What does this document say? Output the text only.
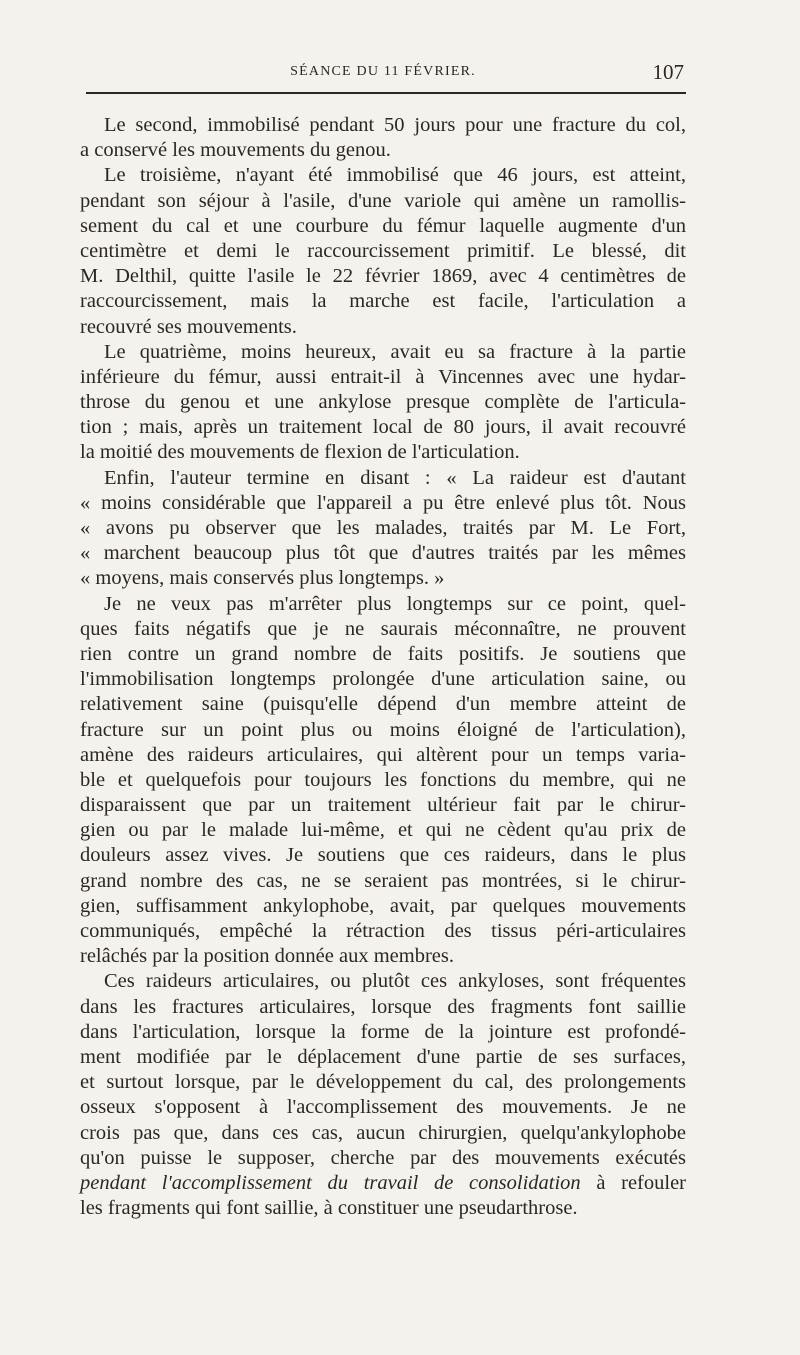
SÉANCE DU 11 FÉVRIER.	107
Le second, immobilisé pendant 50 jours pour une fracture du col,
a conservé les mouvements du genou.
Le troisième, n'ayant été immobilisé que 46 jours, est atteint,
pendant son séjour à l'asile, d'une variole qui amène un ramollis-
sement du cal et une courbure du fémur laquelle augmente d'un
centimètre et demi le raccourcissement primitif. Le blessé, dit
M. Delthil, quitte l'asile le 22 février 1869, avec 4 centimètres de
raccourcissement, mais la marche est facile, l'articulation a
recouvré ses mouvements.
Le quatrième, moins heureux, avait eu sa fracture à la partie
inférieure du fémur, aussi entrait-il à Vincennes avec une hydar-
throse du genou et une ankylose presque complète de l'articula-
tion ; mais, après un traitement local de 80 jours, il avait recouvré
la moitié des mouvements de flexion de l'articulation.
Enfin, l'auteur termine en disant : « La raideur est d'autant
« moins considérable que l'appareil a pu être enlevé plus tôt. Nous
« avons pu observer que les malades, traités par M. Le Fort,
« marchent beaucoup plus tôt que d'autres traités par les mêmes
« moyens, mais conservés plus longtemps. »
Je ne veux pas m'arrêter plus longtemps sur ce point, quel-
ques faits négatifs que je ne saurais méconnaître, ne prouvent
rien contre un grand nombre de faits positifs. Je soutiens que
l'immobilisation longtemps prolongée d'une articulation saine, ou
relativement saine (puisqu'elle dépend d'un membre atteint de
fracture sur un point plus ou moins éloigné de l'articulation),
amène des raideurs articulaires, qui altèrent pour un temps varia-
ble et quelquefois pour toujours les fonctions du membre, qui ne
disparaissent que par un traitement ultérieur fait par le chirur-
gien ou par le malade lui-même, et qui ne cèdent qu'au prix de
douleurs assez vives. Je soutiens que ces raideurs, dans le plus
grand nombre des cas, ne se seraient pas montrées, si le chirur-
gien, suffisamment ankylophobe, avait, par quelques mouvements
communiqués, empêché la rétraction des tissus péri-articulaires
relâchés par la position donnée aux membres.
Ces raideurs articulaires, ou plutôt ces ankyloses, sont fréquentes
dans les fractures articulaires, lorsque des fragments font saillie
dans l'articulation, lorsque la forme de la jointure est profondé-
ment modifiée par le déplacement d'une partie de ses surfaces,
et surtout lorsque, par le développement du cal, des prolongements
osseux s'opposent à l'accomplissement des mouvements. Je ne
crois pas que, dans ces cas, aucun chirurgien, quelqu'ankylophobe
qu'on puisse le supposer, cherche par des mouvements exécutés
pendant l'accomplissement du travail de consolidation à refouler
les fragments qui font saillie, à constituer une pseudarthrose.
